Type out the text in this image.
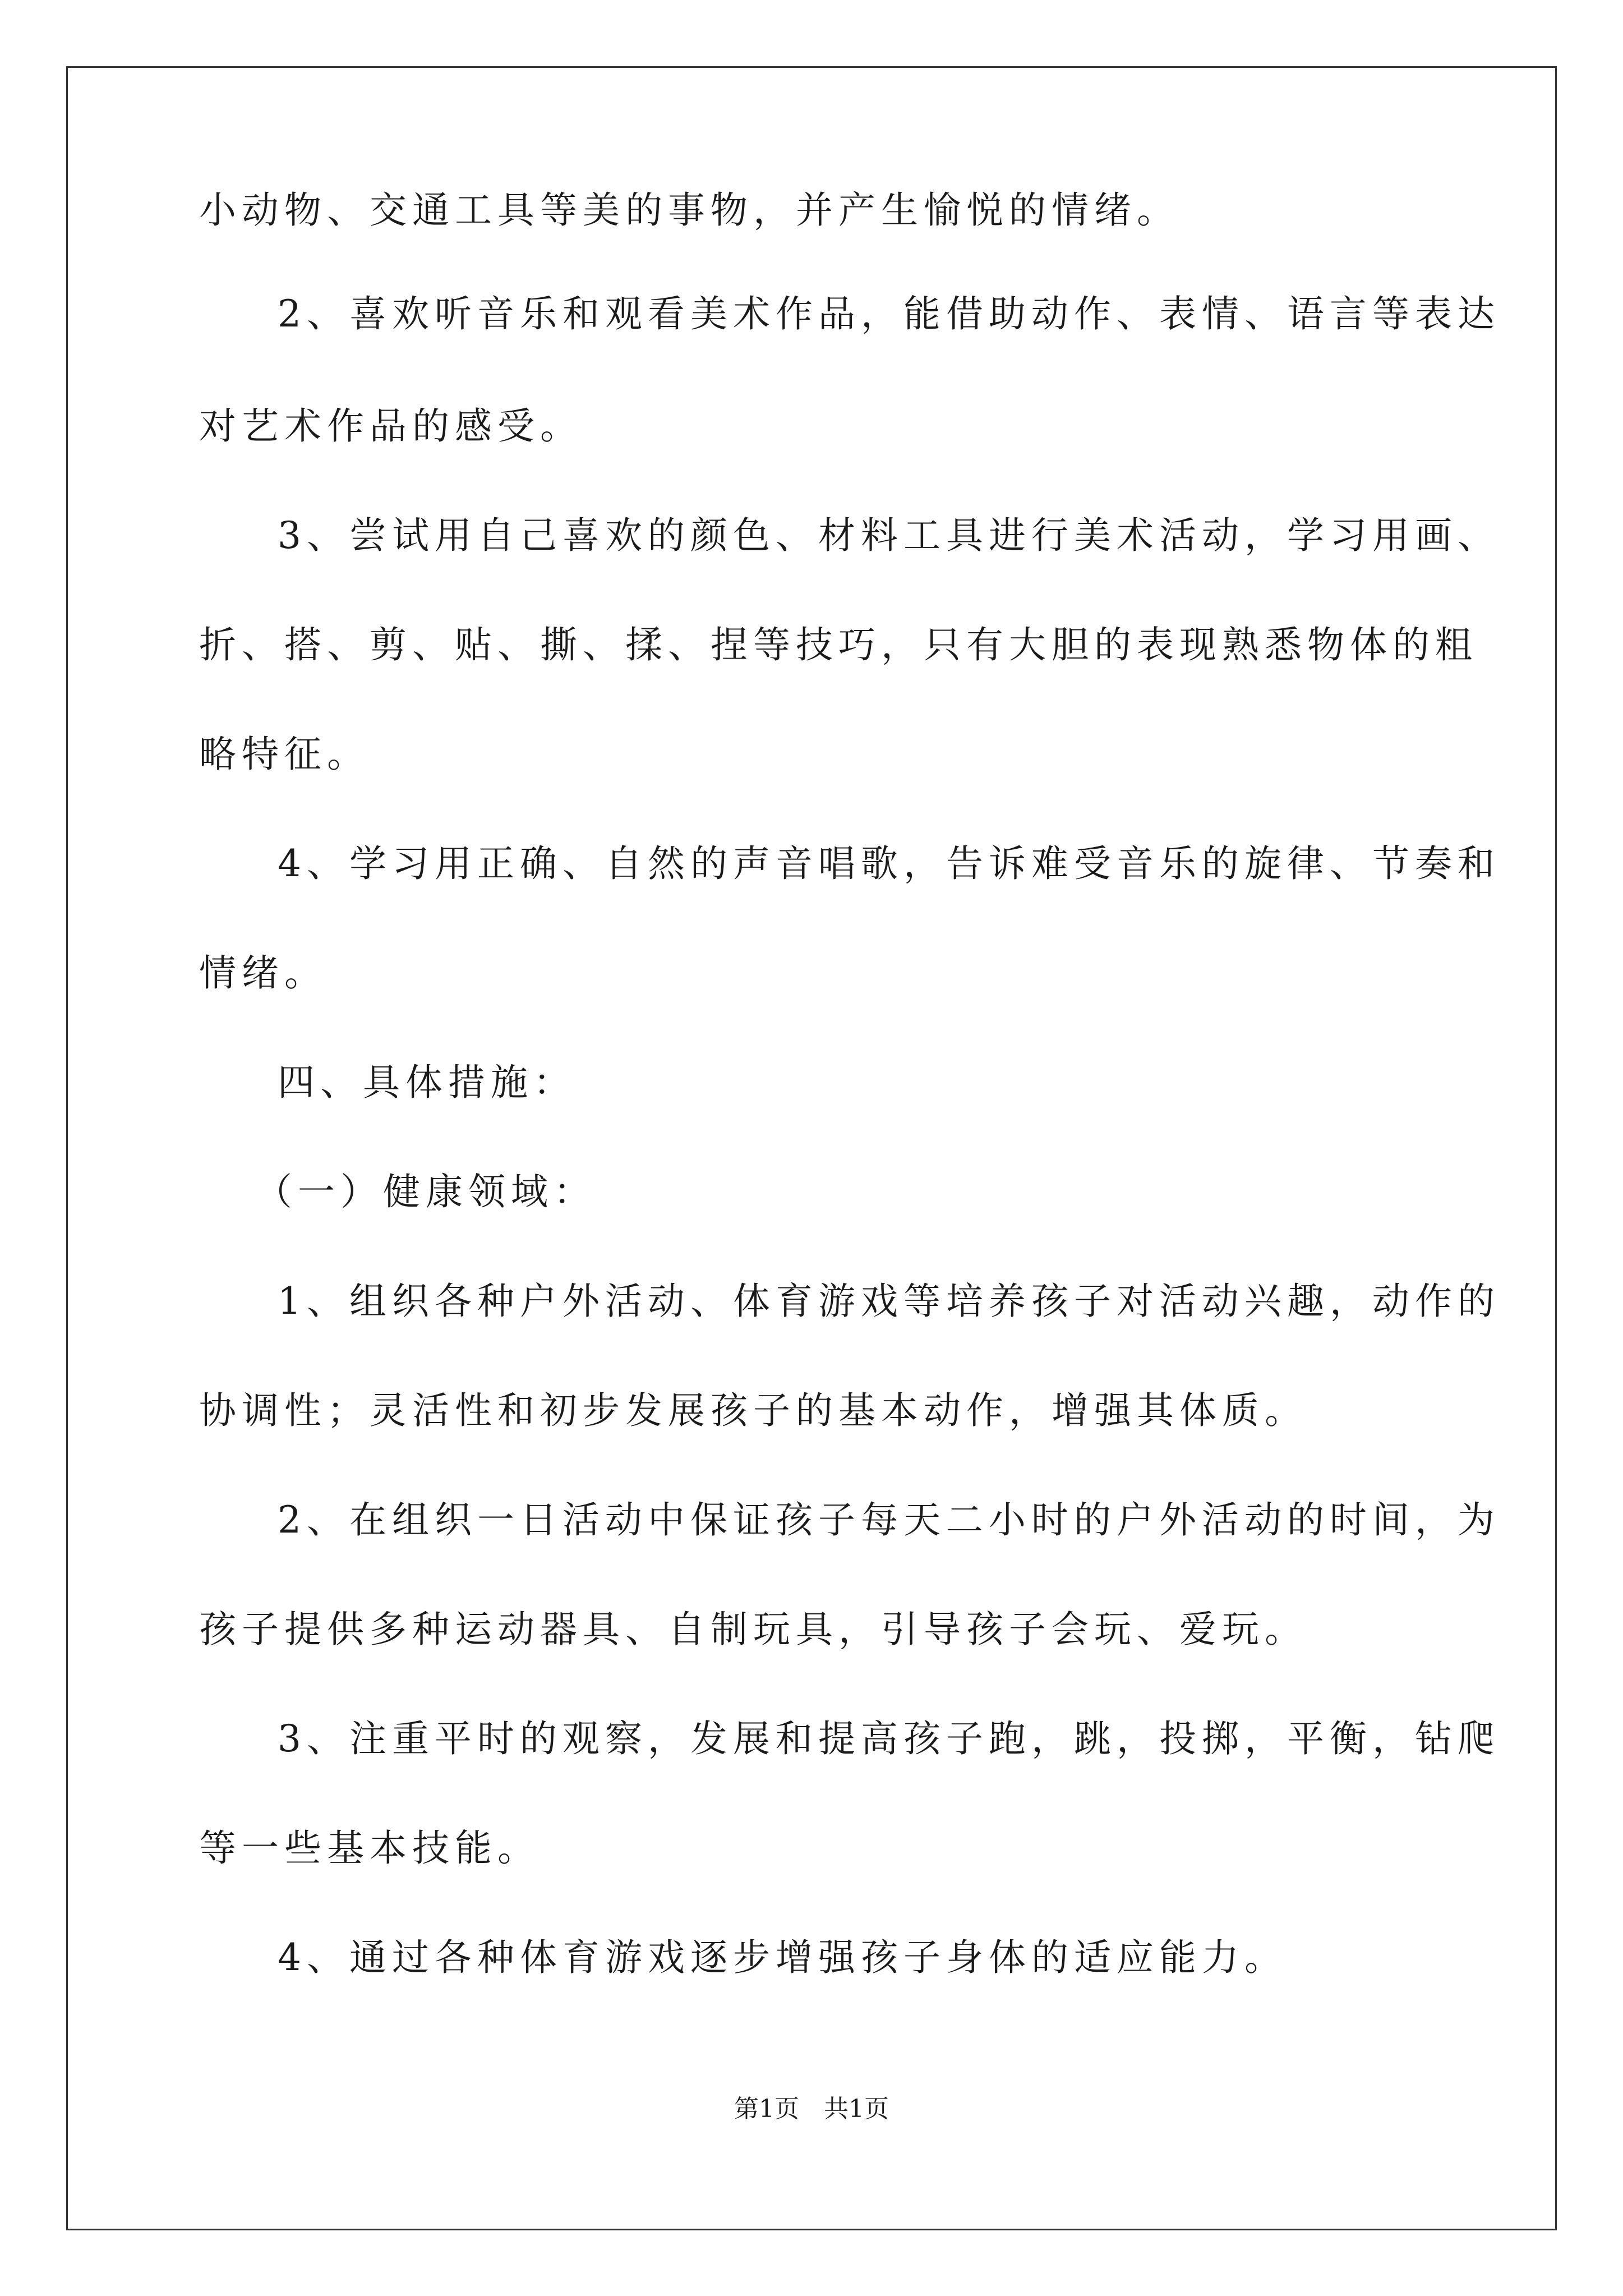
小动物、交通工具等美的事物，并产生愉悦的情绪。
2、喜欢听音乐和观看美术作品，能借助动作、表情、语言等表达
对艺术作品的感受。
3、尝试用自己喜欢的颜色、材料工具进行美术活动，学习用画、
折、搭、剪、贴、撕、揉、捏等技巧，只有大胆的表现熟悉物体的粗
略特征。
4、学习用正确、自然的声音唱歌，告诉难受音乐的旋律、节奏和
情绪。
四、具体措施：
（一）健康领域：
1、组织各种户外活动、体育游戏等培养孩子对活动兴趣，动作的
协调性；灵活性和初步发展孩子的基本动作，增强其体质。
2、在组织一日活动中保证孩子每天二小时的户外活动的时间，为
孩子提供多种运动器具、自制玩具，引导孩子会玩、爱玩。
3、注重平时的观察，发展和提高孩子跑，跳，投掷，平衡，钻爬
等一些基本技能。
4、通过各种体育游戏逐步增强孩子身体的适应能力。
第1页　共1页
